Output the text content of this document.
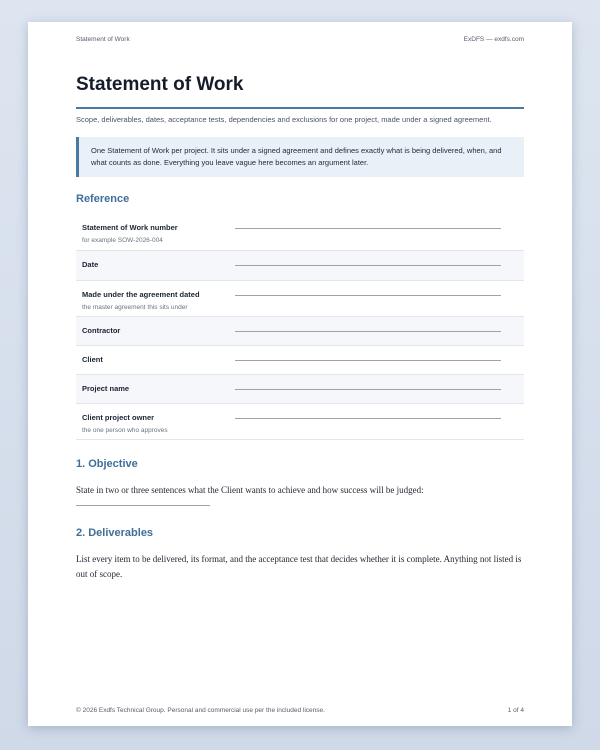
Statement of Work	ExDFS — exdfs.com
Statement of Work
Scope, deliverables, dates, acceptance tests, dependencies and exclusions for one project, made under a signed agreement.
One Statement of Work per project. It sits under a signed agreement and defines exactly what is being delivered, when, and what counts as done. Everything you leave vague here becomes an argument later.
Reference
Statement of Work number
for example SOW-2026-004
Date
Made under the agreement dated
the master agreement this sits under
Contractor
Client
Project name
Client project owner
the one person who approves
1. Objective
State in two or three sentences what the Client wants to achieve and how success will be judged:
2. Deliverables
List every item to be delivered, its format, and the acceptance test that decides whether it is complete. Anything not listed is out of scope.
© 2026 Exdfs Technical Group. Personal and commercial use per the included license.	1 of 4
